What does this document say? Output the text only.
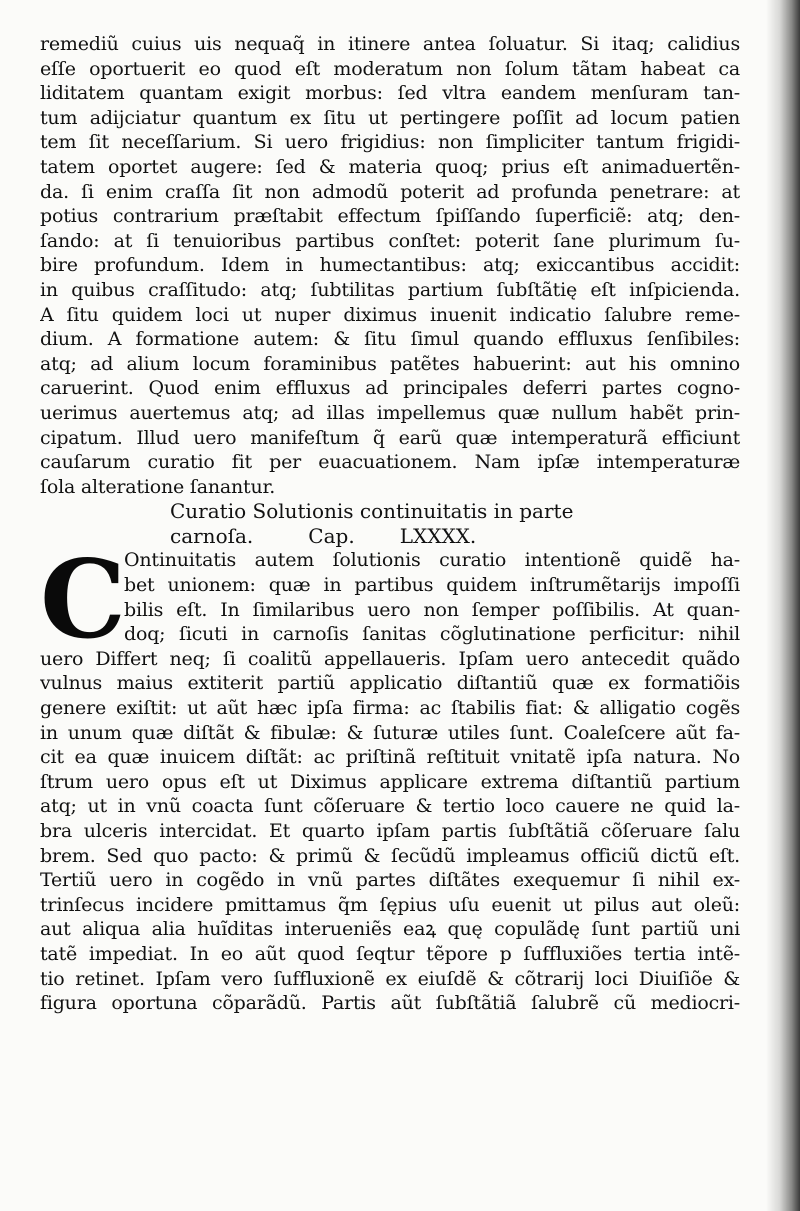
remediũ cuius uis nequaq̃ in itinere antea ſoluatur. Si itaq; calidius
eſſe oportuerit eo quod eſt moderatum non ſolum tãtam habeat ca
liditatem quantam exigit morbus: ſed vltra eandem menſuram tan-
tum adijciatur quantum ex ſitu ut pertingere poſſit ad locum patien
tem ſit neceſſarium. Si uero frigidius: non ſimpliciter tantum frigidi-
tatem oportet augere: ſed & materia quoq; prius eſt animaduertẽn-
da. ſi enim craſſa ſit non admodũ poterit ad profunda penetrare: at
potius contrarium præſtabit effectum ſpiſſando ſuperficiẽ: atq; den-
ſando: at ſi tenuioribus partibus conſtet: poterit ſane plurimum ſu-
bire profundum. Idem in humectantibus: atq; exiccantibus accidit:
in quibus craſſitudo: atq; ſubtilitas partium ſubſtãtię eſt inſpicienda.
A ſitu quidem loci ut nuper diximus inuenit indicatio ſalubre reme-
dium. A formatione autem: & ſitu ſimul quando effluxus ſenſibiles:
atq; ad alium locum foraminibus patẽtes habuerint: aut his omnino
caruerint. Quod enim effluxus ad principales deferri partes cogno-
uerimus auertemus atq; ad illas impellemus quæ nullum habẽt prin-
cipatum. Illud uero manifeſtum q̃ earũ quæ intemperaturã efficiunt
cauſarum curatio fit per euacuationem. Nam ipſæ intemperaturæ
ſola alteratione ſanantur.
Curatio Solutionis continuitatis in parte
carnoſa.	Cap. LXXXX.
C
Ontinuitatis autem ſolutionis curatio intentionẽ quidẽ ha-
bet unionem: quæ in partibus quidem inſtrumẽtarijs impoſſi
bilis eſt. In ſimilaribus uero non ſemper poſſibilis. At quan-
doq; ſicuti in carnoſis ſanitas cõglutinatione perficitur: nihil
uero Differt neq; ſi coalitũ appellaueris. Ipſam uero antecedit quãdo
vulnus maius extiterit partiũ applicatio diſtantiũ quæ ex formatiõis
genere exiſtit: ut aũt hæc ipſa firma: ac ſtabilis fiat: & alligatio cogẽs
in unum quæ diſtãt & fibulæ: & ſuturæ utiles ſunt. Coaleſcere aũt fa-
cit ea quæ inuicem diſtãt: ac priſtinã reſtituit vnitatẽ ipſa natura. No
ſtrum uero opus eſt ut Diximus applicare extrema diſtantiũ partium
atq; ut in vnũ coacta ſunt cõſeruare & tertio loco cauere ne quid la-
bra ulceris intercidat. Et quarto ipſam partis ſubſtãtiã cõſeruare ſalu
brem. Sed quo pacto: & primũ & ſecũdũ impleamus officiũ dictũ eſt.
Tertiũ uero in cogẽdo in vnũ partes diſtãtes exequemur ſi nihil ex-
trinſecus incidere pmittamus q̃m ſępius uſu euenit ut pilus aut oleũ:
aut aliqua alia huĩditas interueniẽs eaꝝ quę copulãdę ſunt partiũ uni
tatẽ impediat. In eo aũt quod ſeqtur tẽpore p ſuffluxiões tertia intẽ-
tio retinet. Ipſam vero ſuffluxionẽ ex eiuſdẽ & cõtrarij loci Diuiſiõe &
figura oportuna cõparãdũ. Partis aũt ſubſtãtiã ſalubrẽ cũ mediocri-
